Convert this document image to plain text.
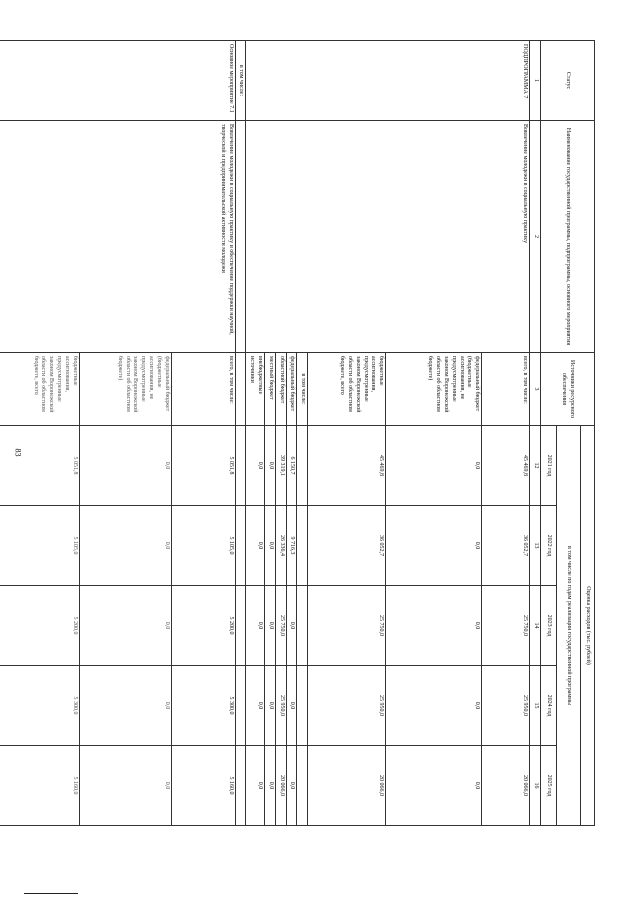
83
Статус	Наименование государственной программы, подпрограммы, основного мероприятия	Источники ресурсного обеспечения	Оценка расходов (тыс. рублей)				
			в том числе по годам реализации государственной программы				
			2021 год	2022 год	2023 год	2024 год	2025 год
1	2	3	12	13	14	15	16
ПОДПРОГРАММА 7	Вовлечение молодежи в социальную практику	всего, в том числе:	45 469,8	36 052,7	25 750,0	25 950,0	20 066,0
		федеральный бюджет (бюджетные ассигнования, не предусмотренные законом Воронежской области об областном бюджете)	0,0	0,0	0,0	0,0	0,0
		бюджетные ассигнования, предусмотренные законом Воронежской области об областном бюджете, всего	45 469,8	36 052,7	25 750,0	25 950,0	20 066,0
		в том числе:					
		федеральный бюджет	6 150,7	9 716,3	0,0	0,0	0,0
		областной бюджет	39 319,1	26 336,4	25 750,0	25 950,0	20 066,0
		местный бюджет	0,0	0,0	0,0	0,0	0,0
		внебюджетные источники	0,0	0,0	0,0	0,0	0,0
в том числе:							
Основное мероприятие 7.1	Вовлечение молодежи в социальную практику и обеспечение поддержки научной, творческой и предпринимательской активности молодежи	всего, в том числе:	5 051,8	5 105,0	5 200,0	5 300,0	5 160,0
		федеральный бюджет (бюджетные ассигнования, не предусмотренные законом Воронежской области об областном бюджете)	0,0	0,0	0,0	0,0	0,0
		бюджетные ассигнования, предусмотренные законом Воронежской области об областном бюджете, всего	5 051,8	5 105,0	5 200,0	5 300,0	5 160,0
